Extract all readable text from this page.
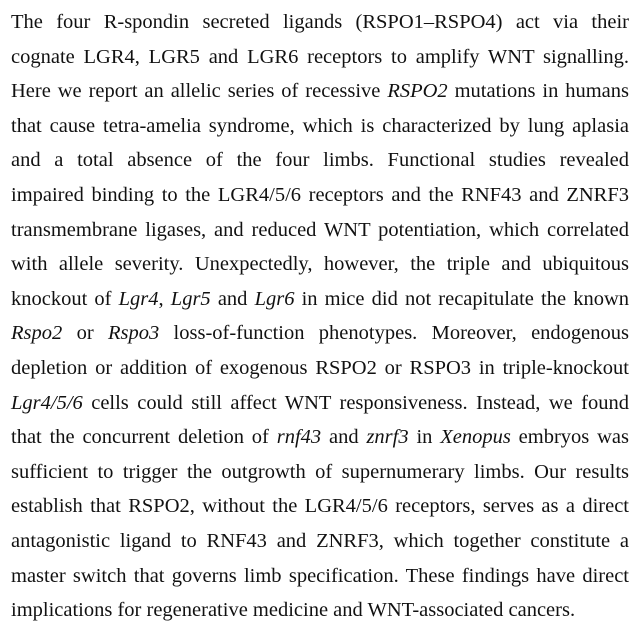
The four R-spondin secreted ligands (RSPO1–RSPO4) act via their
cognate LGR4, LGR5 and LGR6 receptors to amplify WNT signalling.
Here we report an allelic series of recessive RSPO2 mutations in humans
that cause tetra-amelia syndrome, which is characterized by lung aplasia
and a total absence of the four limbs. Functional studies revealed
impaired binding to the LGR4/5/6 receptors and the RNF43 and ZNRF3
transmembrane ligases, and reduced WNT potentiation, which correlated
with allele severity. Unexpectedly, however, the triple and ubiquitous
knockout of Lgr4, Lgr5 and Lgr6 in mice did not recapitulate the known
Rspo2 or Rspo3 loss-of-function phenotypes. Moreover, endogenous
depletion or addition of exogenous RSPO2 or RSPO3 in triple-knockout
Lgr4/5/6 cells could still affect WNT responsiveness. Instead, we found
that the concurrent deletion of rnf43 and znrf3 in Xenopus embryos was
sufficient to trigger the outgrowth of supernumerary limbs. Our results
establish that RSPO2, without the LGR4/5/6 receptors, serves as a direct
antagonistic ligand to RNF43 and ZNRF3, which together constitute a
master switch that governs limb specification. These findings have direct
implications for regenerative medicine and WNT-associated cancers.
